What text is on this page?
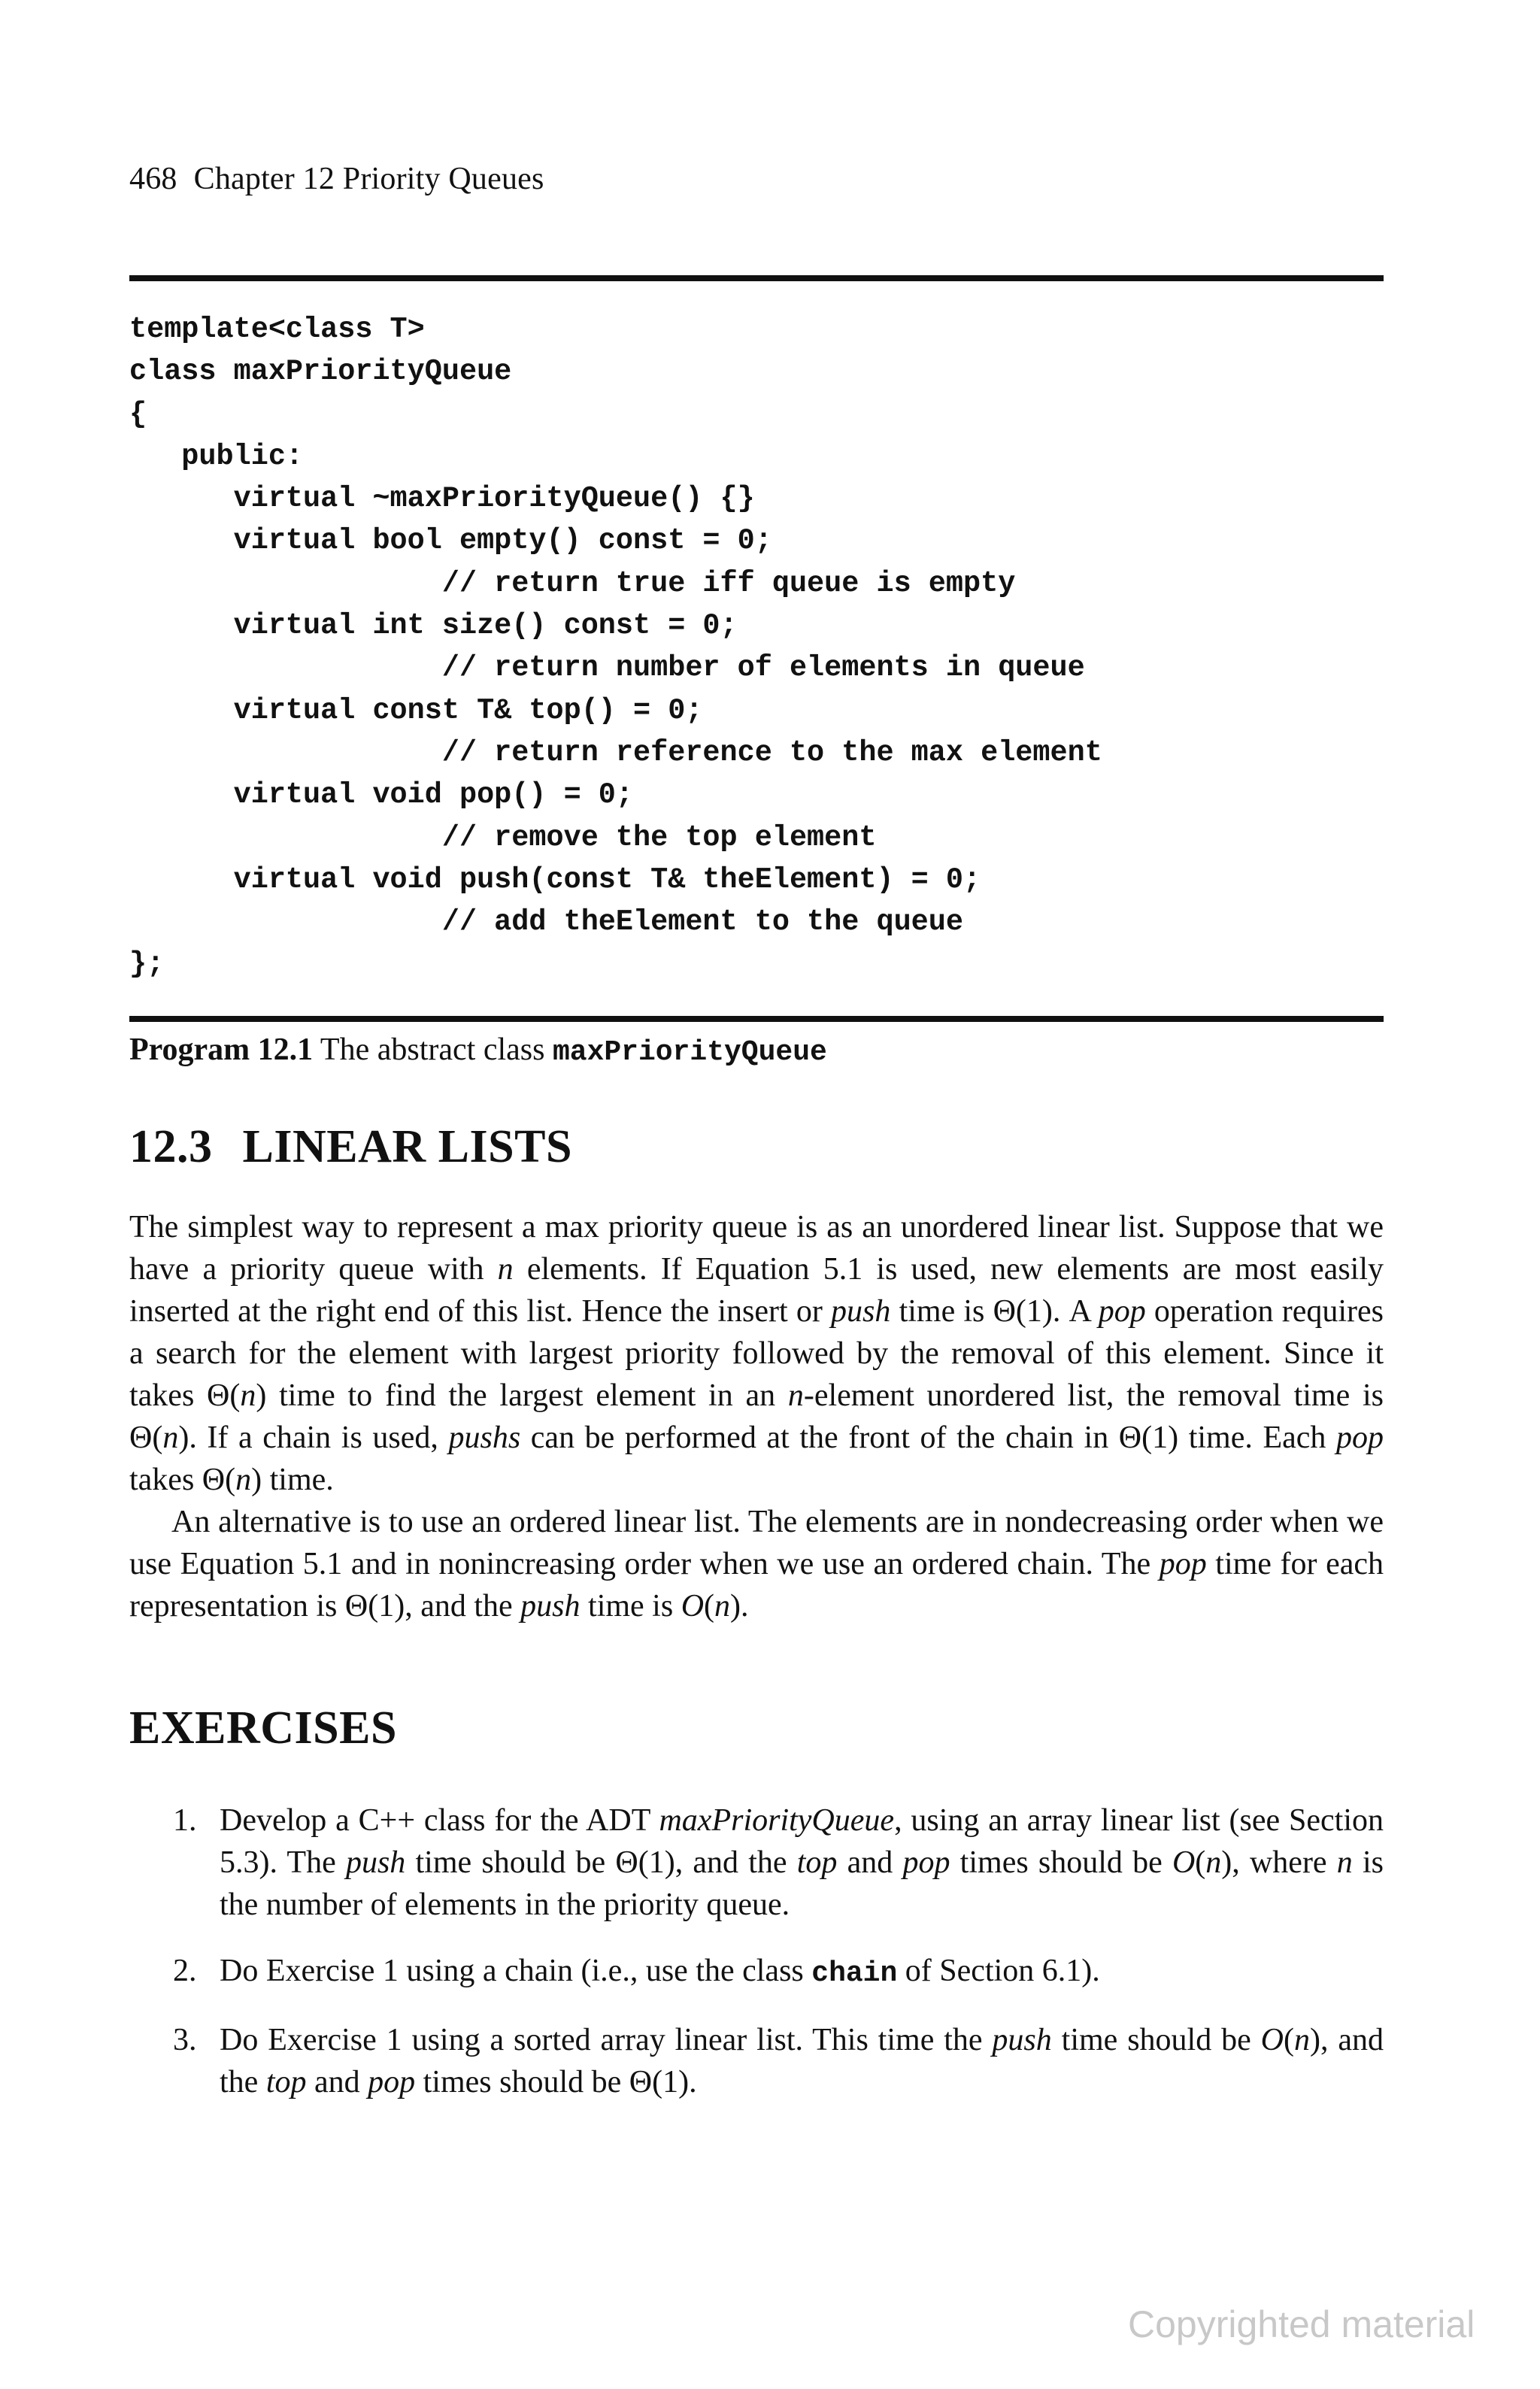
468 Chapter 12 Priority Queues
template<class T>
class maxPriorityQueue
{
public:
virtual ~maxPriorityQueue() {}
virtual bool empty() const = 0;
// return true iff queue is empty
virtual int size() const = 0;
// return number of elements in queue
virtual const T& top() = 0;
// return reference to the max element
virtual void pop() = 0;
// remove the top element
virtual void push(const T& theElement) = 0;
// add theElement to the queue
};
Program 12.1 The abstract class maxPriorityQueue
12.3 LINEAR LISTS

The simplest way to represent a max priority queue is as an unordered linear list. Suppose that we have a priority queue with n elements. If Equation 5.1 is used, new elements are most easily inserted at the right end of this list. Hence the insert or push time is Θ(1). A pop operation requires a search for the element with largest priority followed by the removal of this element. Since it takes Θ(n) time to find the largest element in an n-element unordered list, the removal time is Θ(n). If a chain is used, pushs can be performed at the front of the chain in Θ(1) time. Each pop takes Θ(n) time.

An alternative is to use an ordered linear list. The elements are in nondecreasing order when we use Equation 5.1 and in nonincreasing order when we use an ordered chain. The pop time for each representation is Θ(1), and the push time is O(n).

EXERCISES
1. Develop a C++ class for the ADT maxPriorityQueue, using an array linear list (see Section 5.3). The push time should be Θ(1), and the top and pop times should be O(n), where n is the number of elements in the priority queue.
2. Do Exercise 1 using a chain (i.e., use the class chain of Section 6.1).
3. Do Exercise 1 using a sorted array linear list. This time the push time should be O(n), and the top and pop times should be Θ(1).
Copyrighted material
